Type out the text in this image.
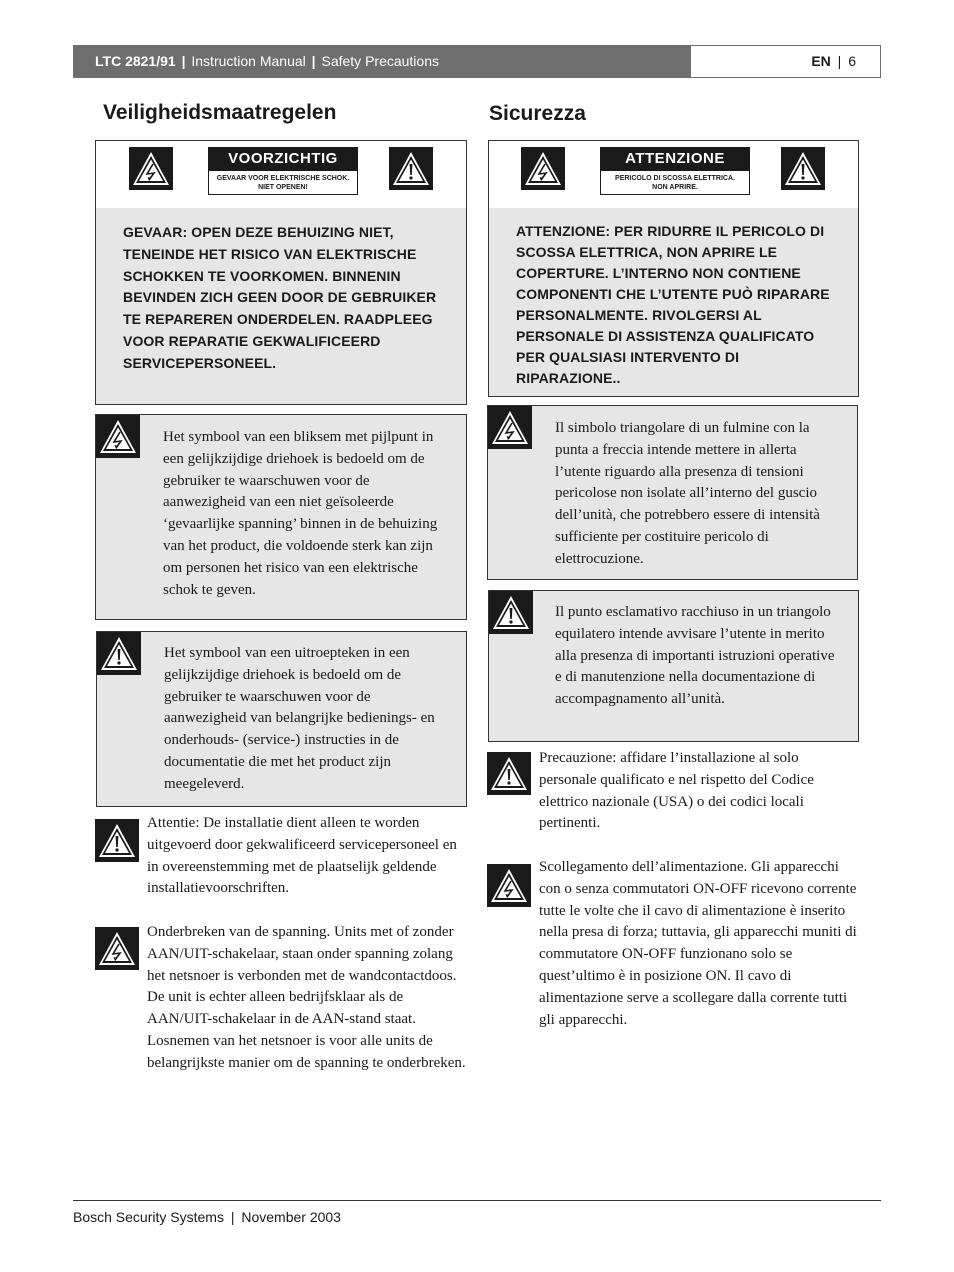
LTC 2821/91 | Instruction Manual | Safety Precautions	EN | 6
Veiligheidsmaatregelen
VOORZICHTIG
GEVAAR VOOR ELEKTRISCHE SCHOK.
NIET OPENEN!
GEVAAR: OPEN DEZE BEHUIZING NIET, TENEINDE HET RISICO VAN ELEKTRISCHE SCHOKKEN TE VOORKOMEN. BINNENIN BEVINDEN ZICH GEEN DOOR DE GEBRUIKER TE REPAREREN ONDERDELEN. RAADPLEEG VOOR REPARATIE GEKWALIFICEERD SERVICEPERSONEEL.
Het symbool van een bliksem met pijlpunt in een gelijkzijdige driehoek is bedoeld om de gebruiker te waarschuwen voor de aanwezigheid van een niet geïsoleerde ‘gevaarlijke spanning’ binnen in de behuizing van het product, die voldoende sterk kan zijn om personen het risico van een elektrische schok te geven.
Het symbool van een uitroepteken in een gelijkzijdige driehoek is bedoeld om de gebruiker te waarschuwen voor de aanwezigheid van belangrijke bedienings- en onderhouds- (service-) instructies in de documentatie die met het product zijn meegeleverd.
Attentie: De installatie dient alleen te worden uitgevoerd door gekwalificeerd servicepersoneel en in overeenstemming met de plaatselijk geldende installatievoorschriften.
Onderbreken van de spanning. Units met of zonder AAN/UIT-schakelaar, staan onder spanning zolang het netsnoer is verbonden met de wandcontactdoos. De unit is echter alleen bedrijfsklaar als de AAN/UIT-schakelaar in de AAN-stand staat. Losnemen van het netsnoer is voor alle units de belangrijkste manier om de spanning te onderbreken.
Sicurezza
ATTENZIONE
PERICOLO DI SCOSSA ELETTRICA.
NON APRIRE.
ATTENZIONE: PER RIDURRE IL PERICOLO DI SCOSSA ELETTRICA, NON APRIRE LE COPERTURE. L’INTERNO NON CONTIENE COMPONENTI CHE L’UTENTE PUÒ RIPARARE PERSONALMENTE. RIVOLGERSI AL PERSONALE DI ASSISTENZA QUALIFICATO PER QUALSIASI INTERVENTO DI RIPARAZIONE..
Il simbolo triangolare di un fulmine con la punta a freccia intende mettere in allerta l’utente riguardo alla presenza di tensioni pericolose non isolate all’interno del guscio dell’unità, che potrebbero essere di intensità sufficiente per costituire pericolo di elettrocuzione.
Il punto esclamativo racchiuso in un triangolo equilatero intende avvisare l’utente in merito alla presenza di importanti istruzioni operative e di manutenzione nella documentazione di accompagnamento all’unità.
Precauzione: affidare l’installazione al solo personale qualificato e nel rispetto del Codice elettrico nazionale (USA) o dei codici locali pertinenti.
Scollegamento dell’alimentazione. Gli apparecchi con o senza commutatori ON-OFF ricevono corrente tutte le volte che il cavo di alimentazione è inserito nella presa di forza; tuttavia, gli apparecchi muniti di commutatore ON-OFF funzionano solo se quest’ultimo è in posizione ON. Il cavo di alimentazione serve a scollegare dalla corrente tutti gli apparecchi.
Bosch Security Systems | November 2003
